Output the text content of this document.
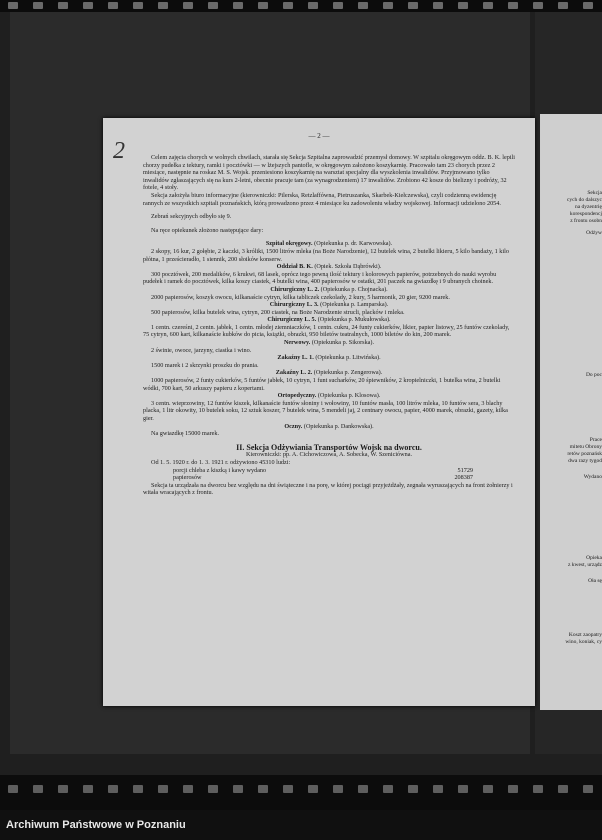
— 2 —

Celem zajęcia chorych w wolnych chwilach, starała się Sekcja Szpitalna zaprowadzić przemysł domowy. W szpitalu okręgowym oddz. B. K. lepili chorzy pudełka z tektury, ramki i pocztówki — w lżejszych pantofle, w okręgowym założono koszykarnię. Pracowało tam 23 chorych przez 2 miesiące, następnie na roskaz M. S. Wojsk. przeniesiono koszykarnię na warsztat specjalny dla wyszkolenia inwalidów. Przyjmowano tylko inwalidów zgłaszających się na kurs 2-letni, obecnie pracuje tam (za wynagrodzeniem) 17 inwalidów. Zrobiono 42 kosze do bielizny i podróży, 32 fotele, 4 stoły.

Sekcja założyła biuro informacyjne (kierowniczki: Pilerska, Retzlaffówna, Pietruszanka, Skarbek-Kiełczewska), czyli codzienną ewidencję rannych ze wszystkich szpitali poznańskich, którą prowadzono przez 4 miesiące ku zadowoleniu władzy wojskowej. Informacji udzielono 2054.

Zebrań sekcyjnych odbyło się 9.

Na ręce opiekunek złożono następujące dary:

Szpital okręgowy. (Opiekunka p. dr. Karwowska).

2 skopy, 16 kur, 2 gołębie, 2 kaczki, 3 króliki, 1500 litrów mleka (na Boże Narodzenie), 12 butelek wina, 2 butelki likieru, 5 kilo bandaży, 1 kilo płótna, 1 prześcieradło, 1 siennik, 200 słoików konserw.

Oddział B. K. (Opiek. Szkoła Dąbrówki).

300 pocztówek, 200 medalików, 6 krukwi, 68 lasek, oprócz tego pewną ilość tektury i kolorowych papierów, potrzebnych do nauki wyrobu pudełek i ramek do pocztówek, kilka koszy ciastek, 4 butelki wina, 400 papierosów w ostatki, 201 paczek na gwiazdkę i 9 ubranych choinek.

Chirurgiczny L. 2. (Opiekunka p. Chojnacka).

2000 papierosów, koszyk owocu, kilkanaście cytryn, kilka tabliczek czekolady, 2 kury, 5 harmonik, 20 gier, 9200 marek.

Chirurgiczny L. 3. (Opiekunka p. Lamparska).

500 papierosów, kilka butelek wina, cytryn, 200 ciastek, na Boże Narodzenie strucli, placków i mleka.

Chirurgiczny L. 5. (Opiekunka p. Mukułowska).

1 centn. czereśni, 2 centn. jabłek, 1 centn. młodej ziemniaczków, 1 centn. cukru, 24 funty cukierków, likier, papier listowy, 25 funtów czekolady, 75 cytryn, 600 kart, kilkanaście kubków do picia, książki, obrazki, 950 biletów teatralnych, 1000 biletów do kin, 200 marek.

Nerwowy. (Opiekunka p. Sikorska).

2 świnie, owoce, jarzyny, ciastka i wino.

Zakaźny L. 1. (Opiekunka p. Litwińska).

1500 marek i 2 skrzynki proszku do prania.

Zakaźny L. 2. (Opiekunka p. Zengerowa).

1000 papierosów, 2 funty cukierków, 5 funtów jabłek, 10 cytryn, 1 funt sucharków, 20 śpiewników, 2 kropielniczki, 1 butelka wina, 2 butelki wódki, 700 kart, 50 arkuszy papieru z kopertami.

Ortopedyczny. (Opiekunka p. Klosowa).

3 centn. wieprzowiny, 12 funtów kiszek, kilkanaście funtów słoniny i wołowiny, 10 funtów masła, 100 litrów mleka, 10 funtów sera, 3 blachy placka, 1 litr okowity, 10 butelek soku, 12 sztuk koszer, 7 butelek wina, 5 mendeli jaj, 2 centnary owocu, papier, 4000 marek, obrazki, gazety, kilka gier.

Oczny. (Opiekunka p. Dankowska).

Na gwiazdkę 15000 marek.

II. Sekcja Odżywiania Transportów Wojsk na dworcu.

Kierowniczki: pp. A. Cichowiczowa, A. Sobecka, W. Szeniciówna.

Od 1. 5. 1920 r. do 1. 3. 1921 r. odżywiono 45310 ludzi:

porcji chleba z kiszką i kawy wydano	51729
papierosów	208387

Sekcja ta urządzała na dworcu bez względu na dni świąteczne i na porę, w której pociągi przyjeżdżały, zegnała wyruszających na front żołnierzy i witała wracających z frontu.

2
Sekcja
cych do dalszyc
na dyzentrię
korespondencj
z frontu osobn
Odżyw
Do poc
Prace
mitetu Obrony
retów poznańsk
dwa razy tygod
Wydano
Opieka
z kwest, urządz
Oła sę
Koszt zaopatry
wino, koniak, cy
Archiwum Państwowe w Poznaniu
